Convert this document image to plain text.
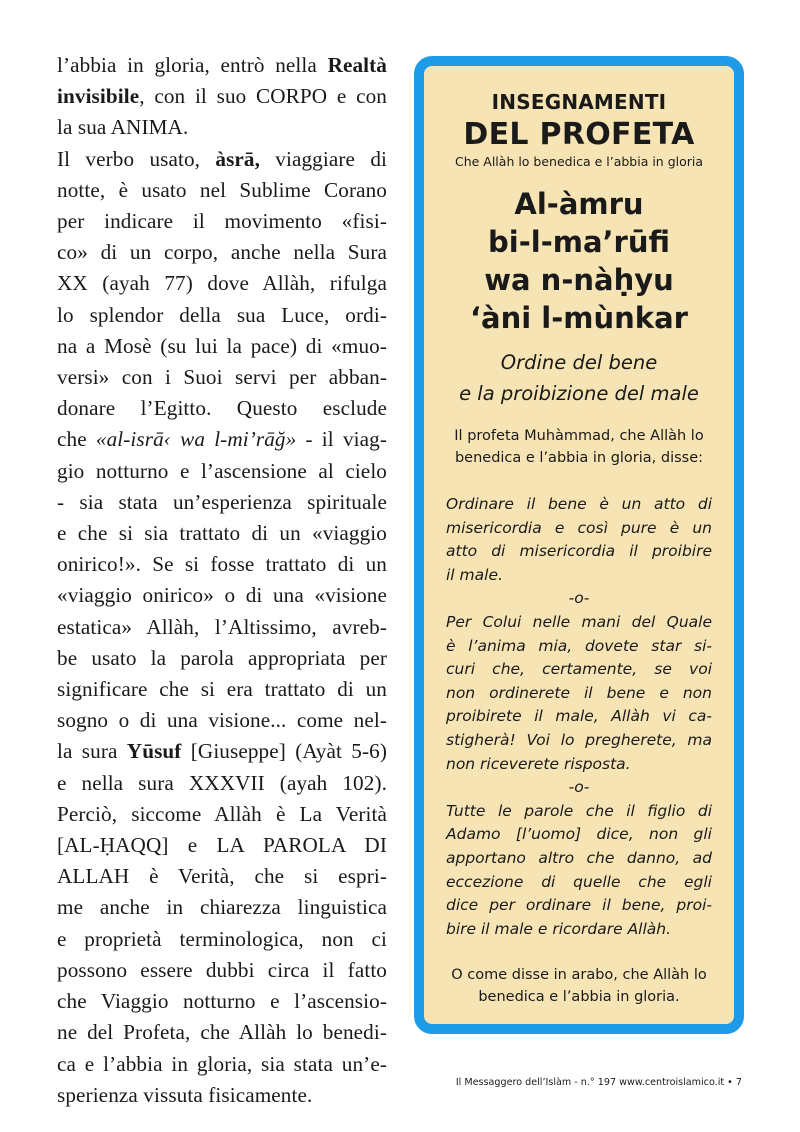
l’abbia in gloria, entrò nella Realtà

invisibile, con il suo CORPO e con

la sua ANIMA.

Il verbo usato, àsrā, viaggiare di

notte, è usato nel Sublime Corano

per indicare il movimento «fisi-

co» di un corpo, anche nella Sura

XX (ayah 77) dove Allàh, rifulga

lo splendor della sua Luce, ordi-

na a Mosè (su lui la pace) di «muo-

versi» con i Suoi servi per abban-

donare l’Egitto. Questo esclude

che «al-isrā‹ wa l-mi’rāğ» - il viag-

gio notturno e l’ascensione al cielo

- sia stata un’esperienza spirituale

e che si sia trattato di un «viaggio

onirico!». Se si fosse trattato di un

«viaggio onirico» o di una «visione

estatica» Allàh, l’Altissimo, avreb-

be usato la parola appropriata per

significare che si era trattato di un

sogno o di una visione... come nel-

la sura Yūsuf [Giuseppe] (Ayàt 5-6)

e nella sura XXXVII (ayah 102).

Perciò, siccome Allàh è La Verità

[AL-ḤAQQ] e LA PAROLA DI

ALLAH è Verità, che si espri-

me anche in chiarezza linguistica

e proprietà terminologica, non ci

possono essere dubbi circa il fatto

che Viaggio notturno e l’ascensio-

ne del Profeta, che Allàh lo benedi-

ca e l’abbia in gloria, sia stata un’e-

sperienza vissuta fisicamente.

INSEGNAMENTI
DEL PROFETA
Che Allàh lo benedica e l’abbia in gloria
Al-àmru
bi-l-ma’rūfi
wa n-nàḥyu
‘àni l-mùnkar
Ordine del bene
e la proibizione del male
Il profeta Muhàmmad, che Allàh lo
benedica e l’abbia in gloria, disse:
Ordinare il bene è un atto di
misericordia e così pure è un
atto di misericordia il proibire
il male.
-o-
Per Colui nelle mani del Quale
è l’anima mia, dovete star si-
curi che, certamente, se voi
non ordinerete il bene e non
proibirete il male, Allàh vi ca-
stigherà! Voi lo pregherete, ma
non riceverete risposta.
-o-
Tutte le parole che il figlio di
Adamo [l’uomo] dice, non gli
apportano altro che danno, ad
eccezione di quelle che egli
dice per ordinare il bene, proi-
bire il male e ricordare Allàh.
O come disse in arabo, che Allàh lo
benedica e l’abbia in gloria.
Il Messaggero dell’Islàm - n.° 197 www.centroislamico.it • 7
